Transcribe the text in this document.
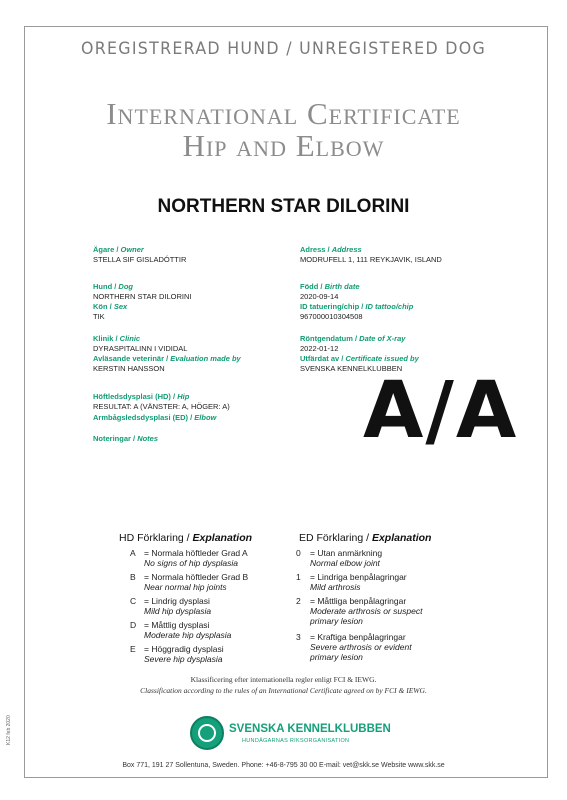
K12 feb 2020
OREGISTRERAD HUND / UNREGISTERED DOG
International Certificate
Hip and Elbow
NORTHERN STAR DILORINI
Ägare / Owner
STELLA SIF GISLADÓTTIR
Hund / Dog
NORTHERN STAR DILORINI
Kön / Sex
TIK
Klinik / Clinic
DYRASPITALINN I VIDIDAL
Avläsande veterinär / Evaluation made by
KERSTIN HANSSON
Höftledsdysplasi (HD) / Hip
RESULTAT: A (VÄNSTER: A, HÖGER: A)
Armbågsledsdysplasi (ED) / Elbow
Noteringar / Notes
Adress / Address
MODRUFELL 1, 111 REYKJAVIK, ISLAND
Född / Birth date
2020-09-14
ID tatuering/chip / ID tattoo/chip
967000010304508
Röntgendatum / Date of X-ray
2022-01-12
Utfärdat av / Certificate issued by
SVENSKA KENNELKLUBBEN
A/A
HD Förklaring / Explanation
A = Normala höftleder Grad A
No signs of hip dysplasia
B = Normala höftleder Grad B
Near normal hip joints
C = Lindrig dysplasi
Mild hip dysplasia
D = Måttlig dysplasi
Moderate hip dysplasia
E = Höggradig dysplasi
Severe hip dysplasia
ED Förklaring / Explanation
0	= Utan anmärkning
Normal elbow joint
1	= Lindriga benpålagringar
Mild arthrosis
2	= Måttliga benpålagringar
Moderate arthrosis or suspect
primary lesion
3	= Kraftiga benpålagringar
Severe arthrosis or evident
primary lesion
Klassificering efter internationella regler enligt FCI & IEWG.
Classification according to the rules of an International Certificate agreed on by FCI & IEWG.
SVENSKA KENNELKLUBBEN
HUNDÄGARNAS RIKSORGANISATION
Box 771, 191 27 Sollentuna, Sweden. Phone: +46-8-795 30 00 E-mail: vet@skk.se Website www.skk.se
